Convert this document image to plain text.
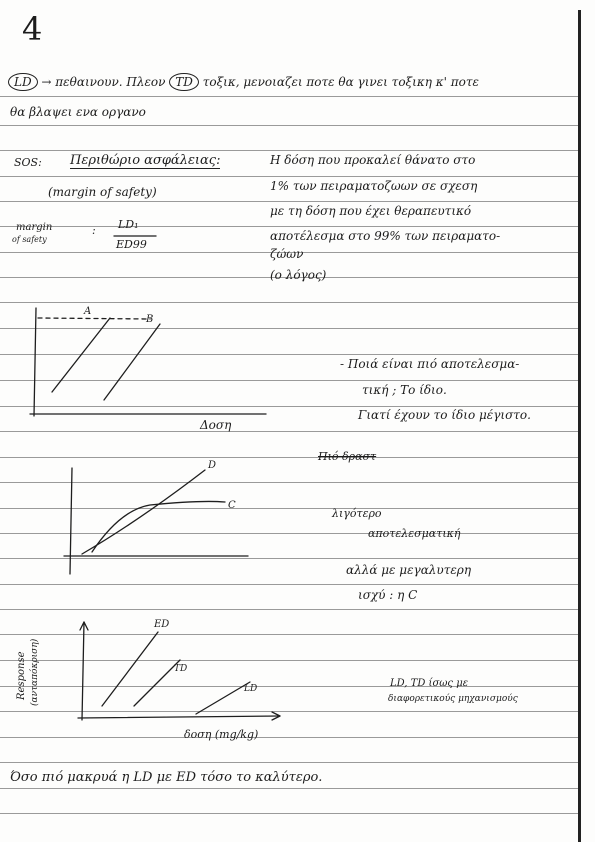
4
LD → πεθαινουν. Πλεον TD τοξικ, μενοιαζει ποτε θα γινει τοξικη κ' ποτε
θα βλαψει ενα οργανο
SOS: Περιθώριο ασφάλειας:
(margin of safety)
Η δόση που προκαλεί θάνατο στο
1% των πειραματοζωων σε σχεση
με τη δόση που έχει θεραπευτικό
αποτέλεσμα στο 99% των πειραματο-
ζώων
(ο λόγος)
margin
of safety
: LD₁
ED99
A
B
Δοση
- Ποιά είναι πιό αποτελεσμα-
τική ; Το ίδιο.
Γιατί έχουν το ίδιο μέγιστο.
D
C
Πιό δραστ
λιγότερο
αποτελεσματική
αλλά με μεγαλυτερη
ισχύ : η C
Response (ανταπόκριση)
ED
TD
LD
δοση (mg/kg)
LD, TD ίσως με
διαφορετικούς μηχανισμούς
Όσο πιό μακρυά η LD με ED τόσο το καλύτερο.
